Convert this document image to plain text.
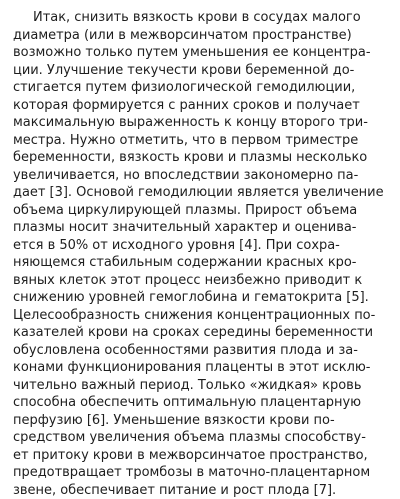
Итак, снизить вязкость крови в сосудах малого
диаметра (или в межворсинчатом пространстве)
возможно только путем уменьшения ее концентра-
ции. Улучшение текучести крови беременной до-
стигается путем физиологической гемодилюции,
которая формируется с ранних сроков и получает
максимальную выраженность к концу второго три-
местра. Нужно отметить, что в первом триместре
беременности, вязкость крови и плазмы несколько
увеличивается, но впоследствии закономерно па-
дает [3]. Основой гемодилюции является увеличение
объема циркулирующей плазмы. Прирост объема
плазмы носит значительный характер и оценива-
ется в 50% от исходного уровня [4]. При сохра-
няющемся стабильным содержании красных кро-
вяных клеток этот процесс неизбежно приводит к
снижению уровней гемоглобина и гематокрита [5].
Целесообразность снижения концентрационных по-
казателей крови на сроках середины беременности
обусловлена особенностями развития плода и за-
конами функционирования плаценты в этот исклю-
чительно важный период. Только «жидкая» кровь
способна обеспечить оптимальную плацентарную
перфузию [6]. Уменьшение вязкости крови по-
средством увеличения объема плазмы способству-
ет притоку крови в межворсинчатое пространство,
предотвращает тромбозы в маточно-плацентарном
звене, обеспечивает питание и рост плода [7].
